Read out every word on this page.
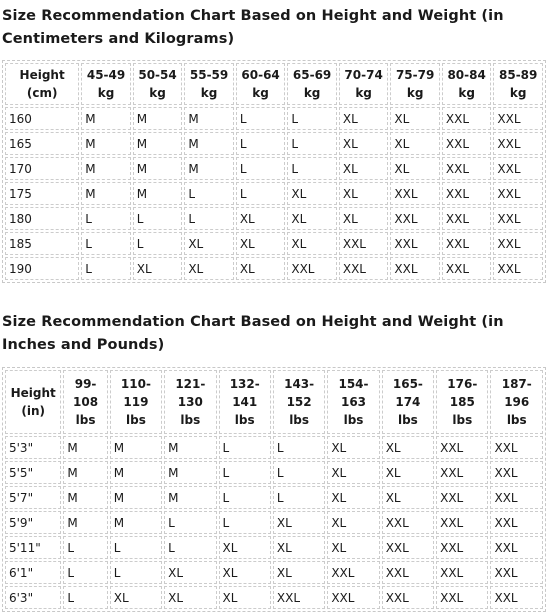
Size Recommendation Chart Based on Height and Weight (in Centimeters and Kilograms)
Height (cm)	45-49 kg	50-54 kg	55-59 kg	60-64 kg	65-69 kg	70-74 kg	75-79 kg	80-84 kg	85-89 kg
160	M	M	M	L	L	XL	XL	XXL	XXL
165	M	M	M	L	L	XL	XL	XXL	XXL
170	M	M	M	L	L	XL	XL	XXL	XXL
175	M	M	L	L	XL	XL	XXL	XXL	XXL
180	L	L	L	XL	XL	XL	XXL	XXL	XXL
185	L	L	XL	XL	XL	XXL	XXL	XXL	XXL
190	L	XL	XL	XL	XXL	XXL	XXL	XXL	XXL
Size Recommendation Chart Based on Height and Weight (in Inches and Pounds)
Height (in)	99-108 lbs	110-119 lbs	121-130 lbs	132-141 lbs	143-152 lbs	154-163 lbs	165-174 lbs	176-185 lbs	187-196 lbs
5'3"	M	M	M	L	L	XL	XL	XXL	XXL
5'5"	M	M	M	L	L	XL	XL	XXL	XXL
5'7"	M	M	M	L	L	XL	XL	XXL	XXL
5'9"	M	M	L	L	XL	XL	XXL	XXL	XXL
5'11"	L	L	L	XL	XL	XL	XXL	XXL	XXL
6'1"	L	L	XL	XL	XL	XXL	XXL	XXL	XXL
6'3"	L	XL	XL	XL	XXL	XXL	XXL	XXL	XXL
